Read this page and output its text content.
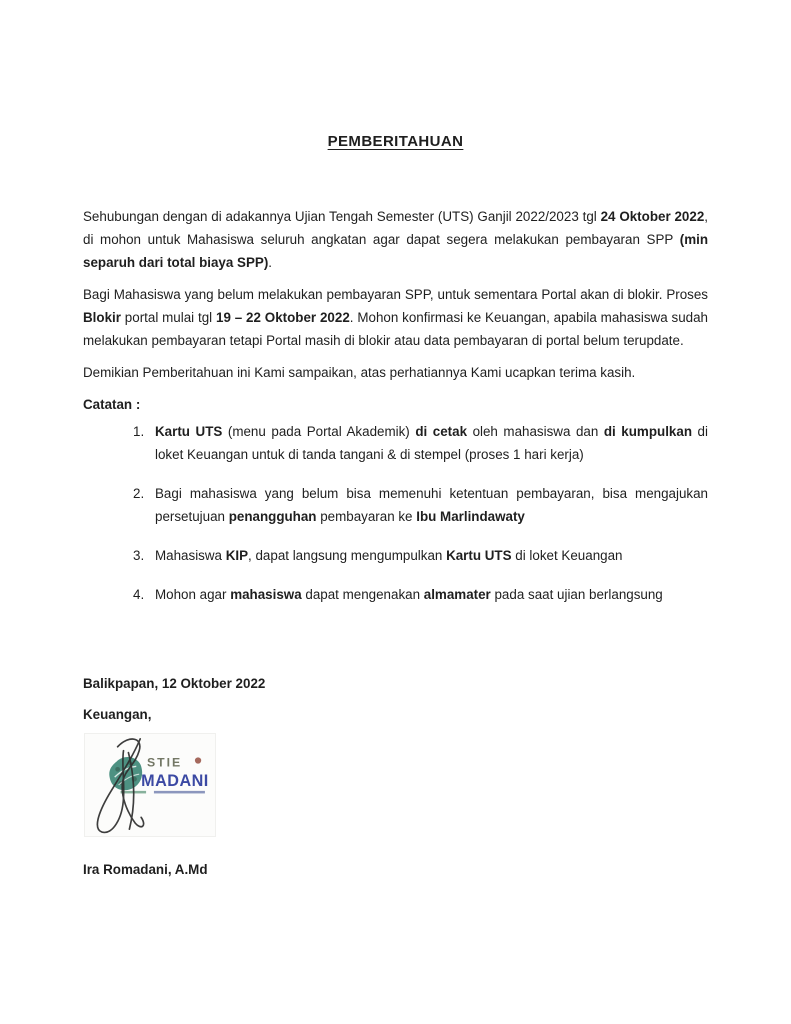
PEMBERITAHUAN

Sehubungan dengan di adakannya Ujian Tengah Semester (UTS) Ganjil 2022/2023 tgl 24 Oktober 2022, di mohon untuk Mahasiswa seluruh angkatan agar dapat segera melakukan pembayaran SPP (min separuh dari total biaya SPP).

Bagi Mahasiswa yang belum melakukan pembayaran SPP, untuk sementara Portal akan di blokir. Proses Blokir portal mulai tgl 19 – 22 Oktober 2022. Mohon konfirmasi ke Keuangan, apabila mahasiswa sudah melakukan pembayaran tetapi Portal masih di blokir atau data pembayaran di portal belum terupdate.

Demikian Pemberitahuan ini Kami sampaikan, atas perhatiannya Kami ucapkan terima kasih.

Catatan :

1. Kartu UTS (menu pada Portal Akademik) di cetak oleh mahasiswa dan di kumpulkan di loket Keuangan untuk di tanda tangani & di stempel (proses 1 hari kerja)
2. Bagi mahasiswa yang belum bisa memenuhi ketentuan pembayaran, bisa mengajukan persetujuan penangguhan pembayaran ke Ibu Marlindawaty
3. Mahasiswa KIP, dapat langsung mengumpulkan Kartu UTS di loket Keuangan
4. Mohon agar mahasiswa dapat mengenakan almamater pada saat ujian berlangsung

Balikpapan, 12 Oktober 2022

Keuangan,

STIE
MADANI

Ira Romadani, A.Md
